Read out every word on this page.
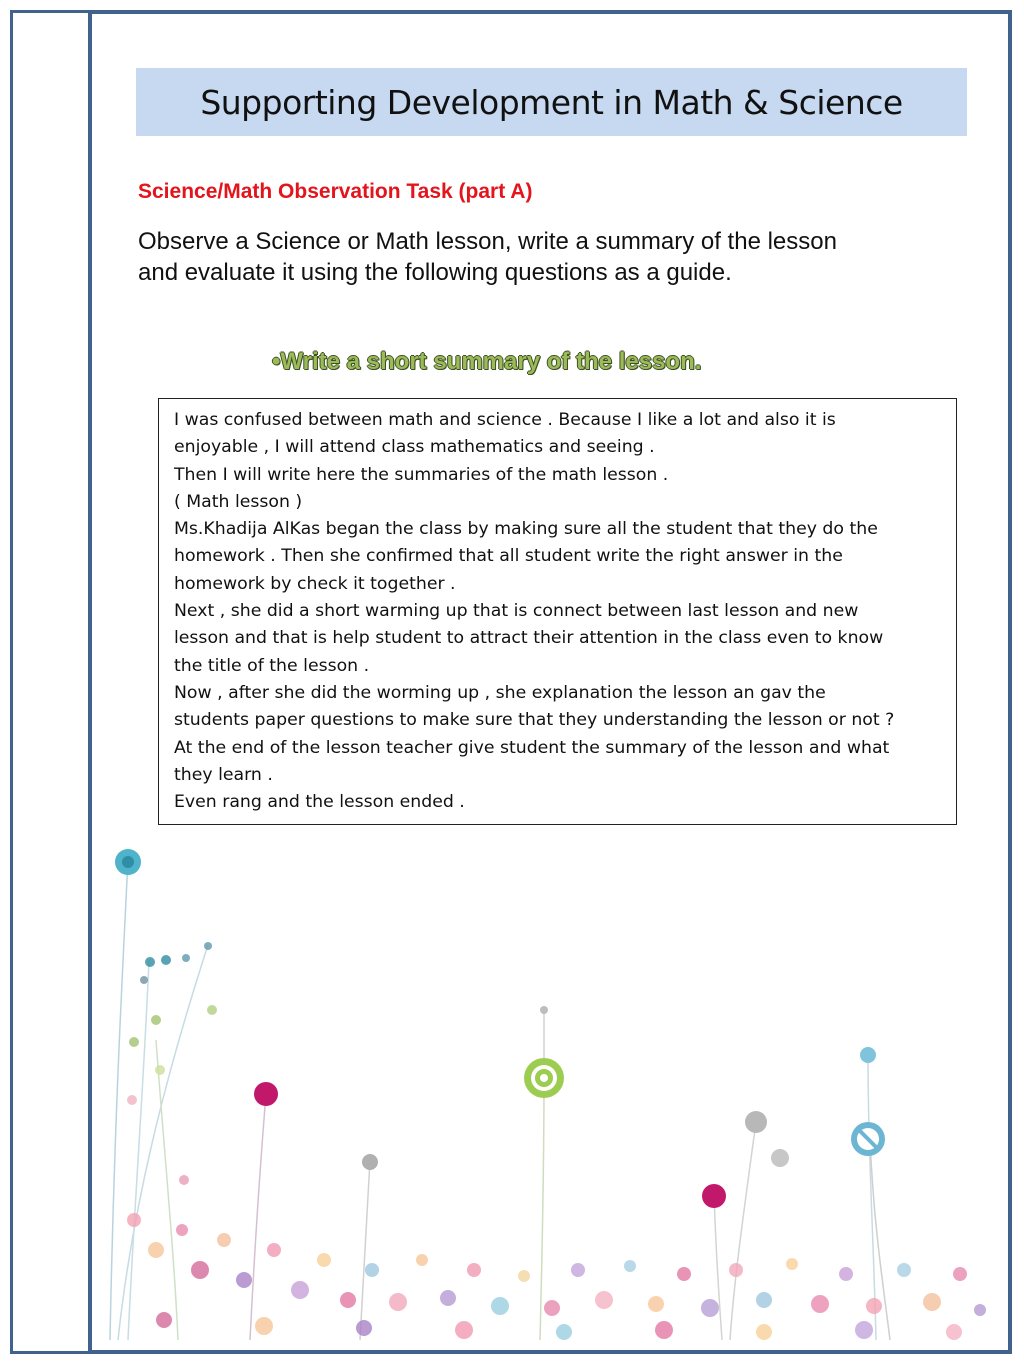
Supporting Development in Math & Science
Science/Math Observation Task (part A)
Observe a Science or Math lesson, write a summary of the lesson
and evaluate it using the following questions as a guide.
•Write a short summary of the lesson.

I was confused between math and science . Because I like a lot and also it is

enjoyable , I will attend class mathematics and seeing .

Then I will write here the summaries of the math lesson .

( Math lesson )

Ms.Khadija AlKas began the class by making sure all the student that they do the

homework . Then she confirmed that all student write the right answer in the

homework by check it together .

Next , she did a short warming up that is connect between last lesson and new

lesson and that is help student to attract their attention in the class even to know

the title of the lesson .

Now , after she did the worming up , she explanation the lesson an gav the

students paper questions to make sure that they understanding the lesson or not ?

At the end of the lesson teacher give student the summary of the lesson and what

they learn .

Even rang and the lesson ended .
